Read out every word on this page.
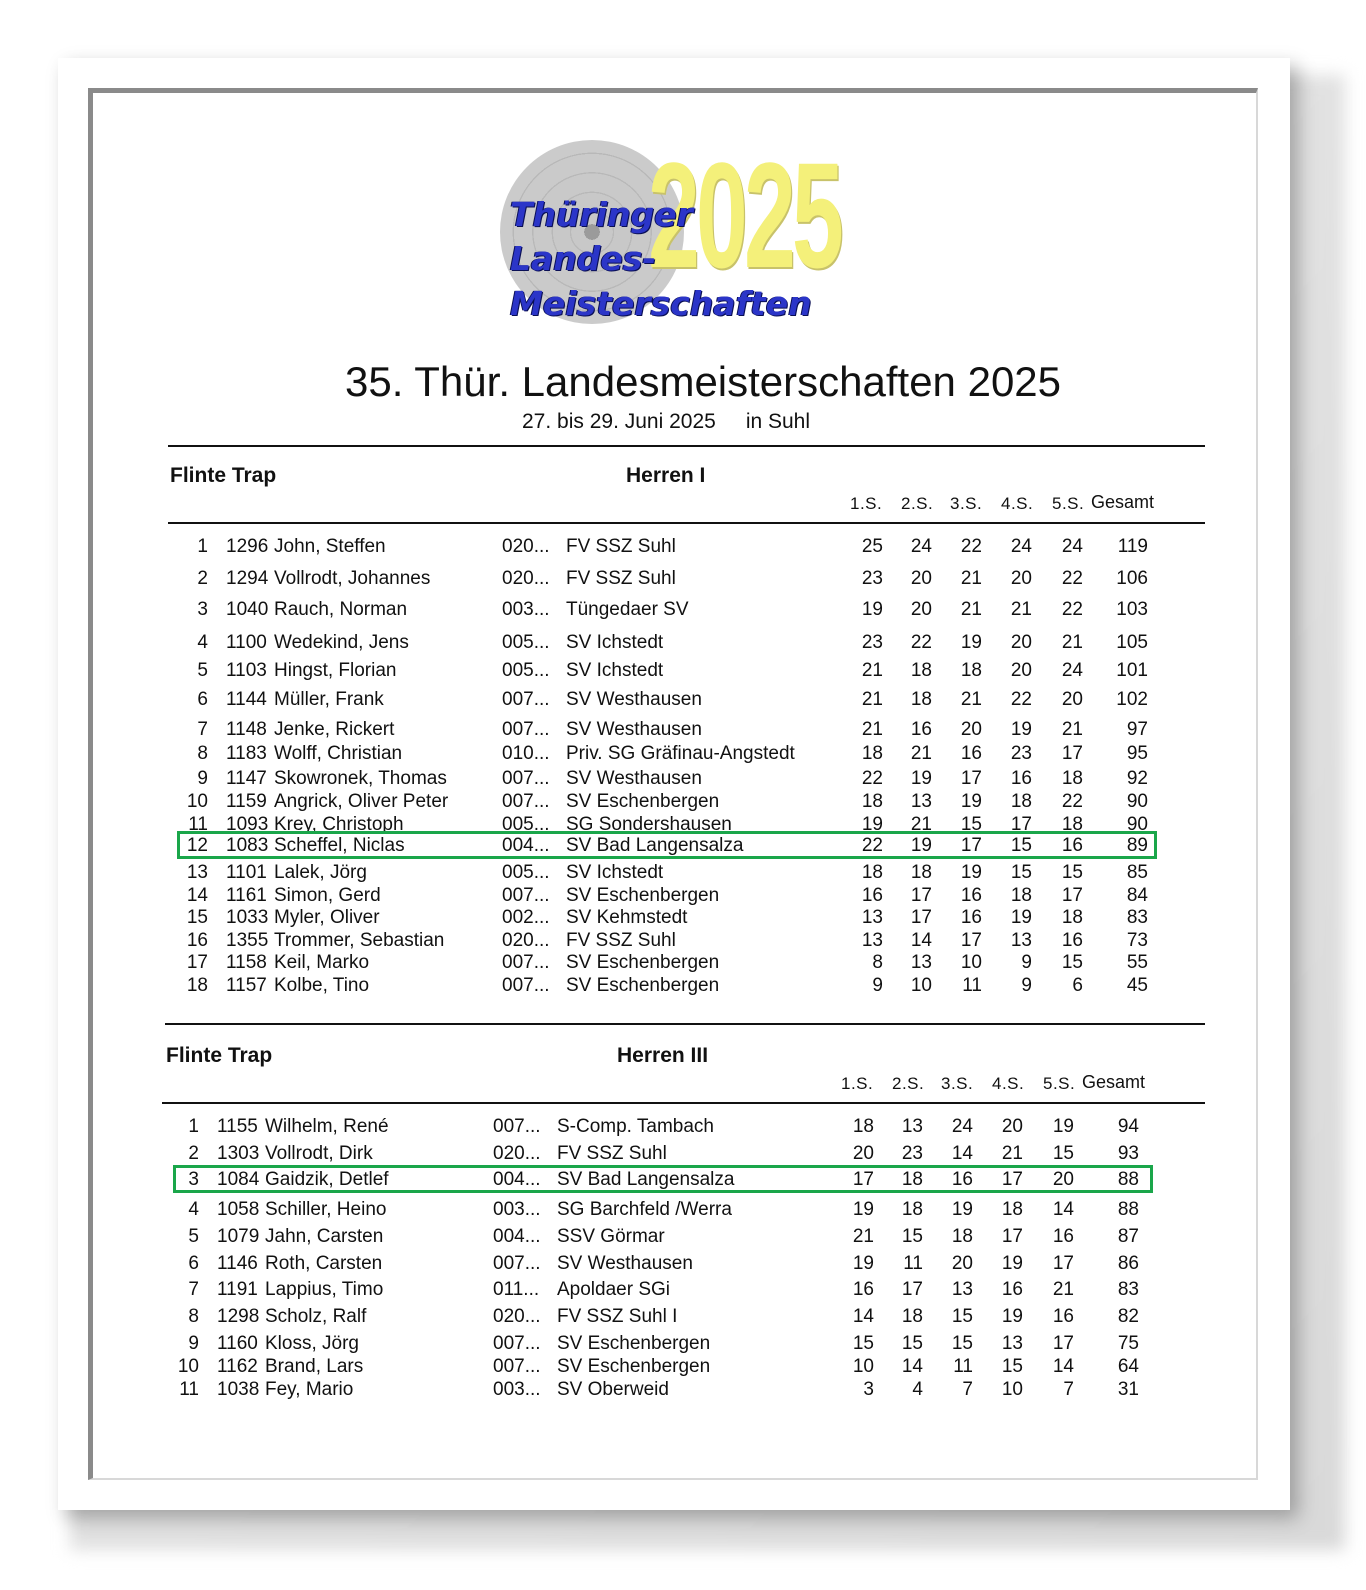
2025
Thüringer
Landes-
Meisterschaften
35. Thür. Landesmeisterschaften 2025
27. bis 29. Juni 2025 in Suhl
Flinte Trap	Herren I
1.S. 2.S. 3.S. 4.S. 5.S. Gesamt
1 1296 John, Steffen	020... FV SSZ Suhl	25	24	22	24	24	119
2 1294 Vollrodt, Johannes	020... FV SSZ Suhl	23	20	21	20	22	106
3 1040 Rauch, Norman	003... Tüngedaer SV	19	20	21	21	22	103
4 1100 Wedekind, Jens	005... SV Ichstedt	23	22	19	20	21	105
5 1103 Hingst, Florian	005... SV Ichstedt	21	18	18	20	24	101
6 1144 Müller, Frank	007... SV Westhausen	21	18	21	22	20	102
7 1148 Jenke, Rickert	007... SV Westhausen	21	16	20	19	21	97
8 1183 Wolff, Christian	010... Priv. SG Gräfinau-Angstedt	18	21	16	23	17	95
9 1147 Skowronek, Thomas	007... SV Westhausen	22	19	17	16	18	92
10 1159 Angrick, Oliver Peter	007... SV Eschenbergen	18	13	19	18	22	90
11 1093 Krey, Christoph	005... SG Sondershausen	19	21	15	17	18	90
12 1083 Scheffel, Niclas	004... SV Bad Langensalza	22	19	17	15	16	89
13 1101 Lalek, Jörg	005... SV Ichstedt	18	18	19	15	15	85
14 1161 Simon, Gerd	007... SV Eschenbergen	16	17	16	18	17	84
15 1033 Myler, Oliver	002... SV Kehmstedt	13	17	16	19	18	83
16 1355 Trommer, Sebastian	020... FV SSZ Suhl	13	14	17	13	16	73
17 1158 Keil, Marko	007... SV Eschenbergen	8	13	10	9	15	55
18 1157 Kolbe, Tino	007... SV Eschenbergen	9	10	11	9	6	45
Flinte Trap	Herren III
1.S. 2.S. 3.S. 4.S. 5.S. Gesamt
1 1155 Wilhelm, René	007... S-Comp. Tambach	18	13	24	20	19	94
2 1303 Vollrodt, Dirk	020... FV SSZ Suhl	20	23	14	21	15	93
3 1084 Gaidzik, Detlef	004... SV Bad Langensalza	17	18	16	17	20	88
4 1058 Schiller, Heino	003... SG Barchfeld /Werra	19	18	19	18	14	88
5 1079 Jahn, Carsten	004... SSV Görmar	21	15	18	17	16	87
6 1146 Roth, Carsten	007... SV Westhausen	19	11	20	19	17	86
7 1191 Lappius, Timo	011... Apoldaer SGi	16	17	13	16	21	83
8 1298 Scholz, Ralf	020... FV SSZ Suhl I	14	18	15	19	16	82
9 1160 Kloss, Jörg	007... SV Eschenbergen	15	15	15	13	17	75
10 1162 Brand, Lars	007... SV Eschenbergen	10	14	11	15	14	64
11 1038 Fey, Mario	003... SV Oberweid	3	4	7	10	7	31
